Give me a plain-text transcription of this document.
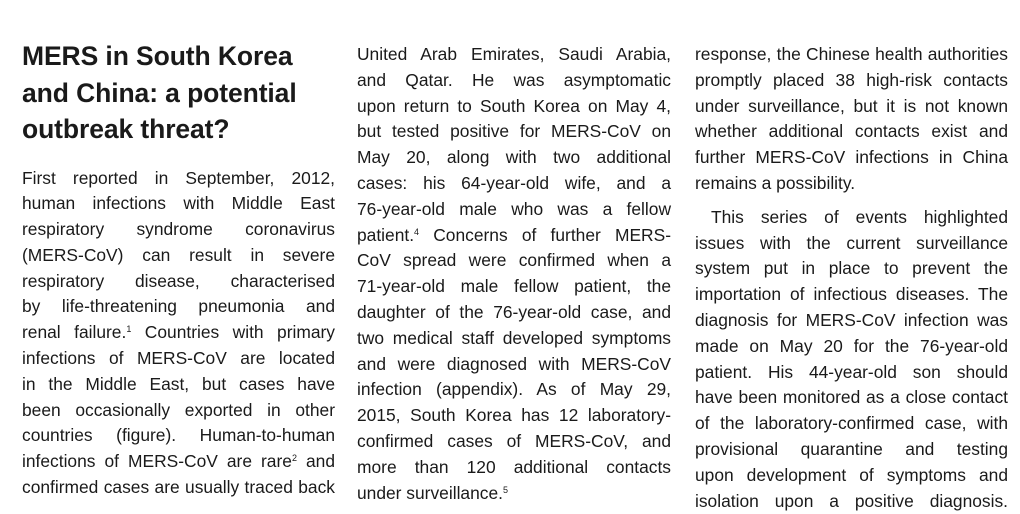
MERS in South Korea
and China: a potential
outbreak threat?

First reported in September, 2012,
human infections with Middle East
respiratory syndrome coronavirus
(MERS-CoV) can result in severe
respiratory disease, characterised
by life-threatening pneumonia and
renal failure.$^1$ Countries with primary
infections of MERS-CoV are located
in the Middle East, but cases have
been occasionally exported in other
countries (figure). Human-to-human
infections of MERS-CoV are rare$^2$ and
confirmed cases are usually traced back

United Arab Emirates, Saudi Arabia,
and Qatar. He was asymptomatic
upon return to South Korea on May 4,
but tested positive for MERS-CoV on
May 20, along with two additional
cases: his 64-year-old wife, and a
76-year-old male who was a fellow
patient.$^4$ Concerns of further MERS-
CoV spread were confirmed when a
71-year-old male fellow patient, the
daughter of the 76-year-old case, and
two medical staff developed symptoms
and were diagnosed with MERS-CoV
infection (appendix). As of May 29,
2015, South Korea has 12 laboratory-
confirmed cases of MERS-CoV, and
more than 120 additional contacts
under surveillance.$^5$

response, the Chinese health authorities
promptly placed 38 high-risk contacts
under surveillance, but it is not known
whether additional contacts exist and
further MERS-CoV infections in China
remains a possibility.

This series of events highlighted
issues with the current surveillance
system put in place to prevent the
importation of infectious diseases. The
diagnosis for MERS-CoV infection was
made on May 20 for the 76-year-old
patient. His 44-year-old son should
have been monitored as a close contact
of the laboratory-confirmed case, with
provisional quarantine and testing
upon development of symptoms and
isolation upon a positive diagnosis.
